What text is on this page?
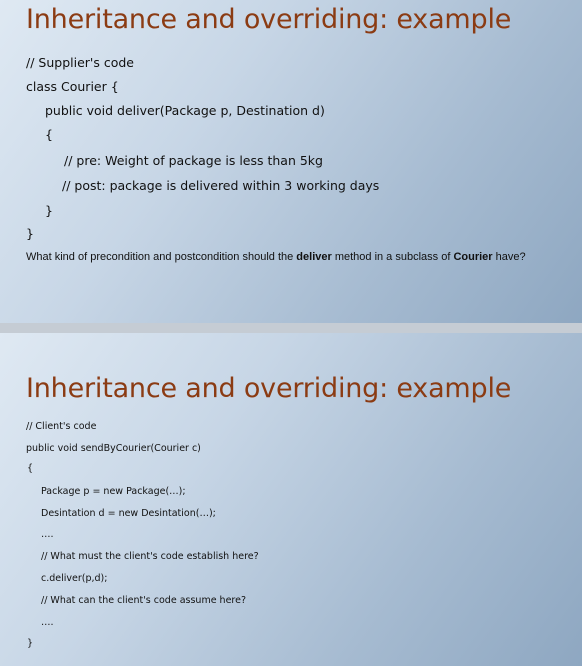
Inheritance and overriding: example

// Supplier's code

class Courier {

public void deliver(Package p, Destination d)

{

// pre: Weight of package is less than 5kg

// post: package is delivered within 3 working days

}

}

What kind of precondition and postcondition should the deliver method in a subclass of Courier have?

Inheritance and overriding: example

// Client's code

public void sendByCourier(Courier c)

{

Package p = new Package(…);

Desintation d = new Desintation(…);

….

// What must the client's code establish here?

c.deliver(p,d);

// What can the client's code assume here?

….

}
